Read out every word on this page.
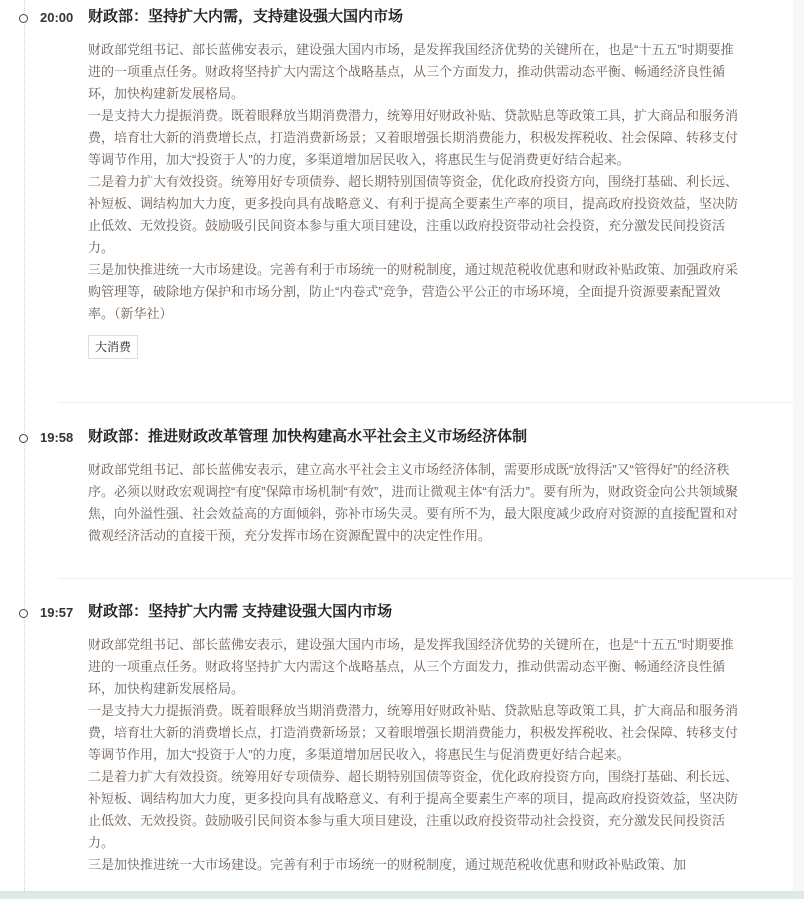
20:00 财政部：坚持扩大内需，支持建设强大国内市场

财政部党组书记、部长蓝佛安表示，建设强大国内市场，是发挥我国经济优势的关键所在，也是“十五五”时期要推进的一项重点任务。财政将坚持扩大内需这个战略基点，从三个方面发力，推动供需动态平衡、畅通经济良性循环，加快构建新发展格局。

一是支持大力提振消费。既着眼释放当期消费潜力，统筹用好财政补贴、贷款贴息等政策工具，扩大商品和服务消费，培育壮大新的消费增长点，打造消费新场景；又着眼增强长期消费能力，积极发挥税收、社会保障、转移支付等调节作用，加大“投资于人”的力度，多渠道增加居民收入，将惠民生与促消费更好结合起来。

二是着力扩大有效投资。统筹用好专项债券、超长期特别国债等资金，优化政府投资方向，围绕打基础、利长远、补短板、调结构加大力度，更多投向具有战略意义、有利于提高全要素生产率的项目，提高政府投资效益，坚决防止低效、无效投资。鼓励吸引民间资本参与重大项目建设，注重以政府投资带动社会投资，充分激发民间投资活力。

三是加快推进统一大市场建设。完善有利于市场统一的财税制度，通过规范税收优惠和财政补贴政策、加强政府采购管理等，破除地方保护和市场分割，防止“内卷式”竞争，营造公平公正的市场环境，全面提升资源要素配置效率。（新华社）

大消费
19:58 财政部：推进财政改革管理 加快构建高水平社会主义市场经济体制

财政部党组书记、部长蓝佛安表示，建立高水平社会主义市场经济体制，需要形成既“放得活”又“管得好”的经济秩序。必须以财政宏观调控“有度”保障市场机制“有效”，进而让微观主体“有活力”。要有所为，财政资金向公共领域聚焦，向外溢性强、社会效益高的方面倾斜，弥补市场失灵。要有所不为，最大限度减少政府对资源的直接配置和对微观经济活动的直接干预，充分发挥市场在资源配置中的决定性作用。

19:57 财政部：坚持扩大内需 支持建设强大国内市场

财政部党组书记、部长蓝佛安表示，建设强大国内市场，是发挥我国经济优势的关键所在，也是“十五五”时期要推进的一项重点任务。财政将坚持扩大内需这个战略基点，从三个方面发力，推动供需动态平衡、畅通经济良性循环，加快构建新发展格局。

一是支持大力提振消费。既着眼释放当期消费潜力，统筹用好财政补贴、贷款贴息等政策工具，扩大商品和服务消费，培育壮大新的消费增长点，打造消费新场景；又着眼增强长期消费能力，积极发挥税收、社会保障、转移支付等调节作用，加大“投资于人”的力度，多渠道增加居民收入，将惠民生与促消费更好结合起来。

二是着力扩大有效投资。统筹用好专项债券、超长期特别国债等资金，优化政府投资方向，围绕打基础、利长远、补短板、调结构加大力度，更多投向具有战略意义、有利于提高全要素生产率的项目，提高政府投资效益，坚决防止低效、无效投资。鼓励吸引民间资本参与重大项目建设，注重以政府投资带动社会投资，充分激发民间投资活力。

三是加快推进统一大市场建设。完善有利于市场统一的财税制度，通过规范税收优惠和财政补贴政策、加
